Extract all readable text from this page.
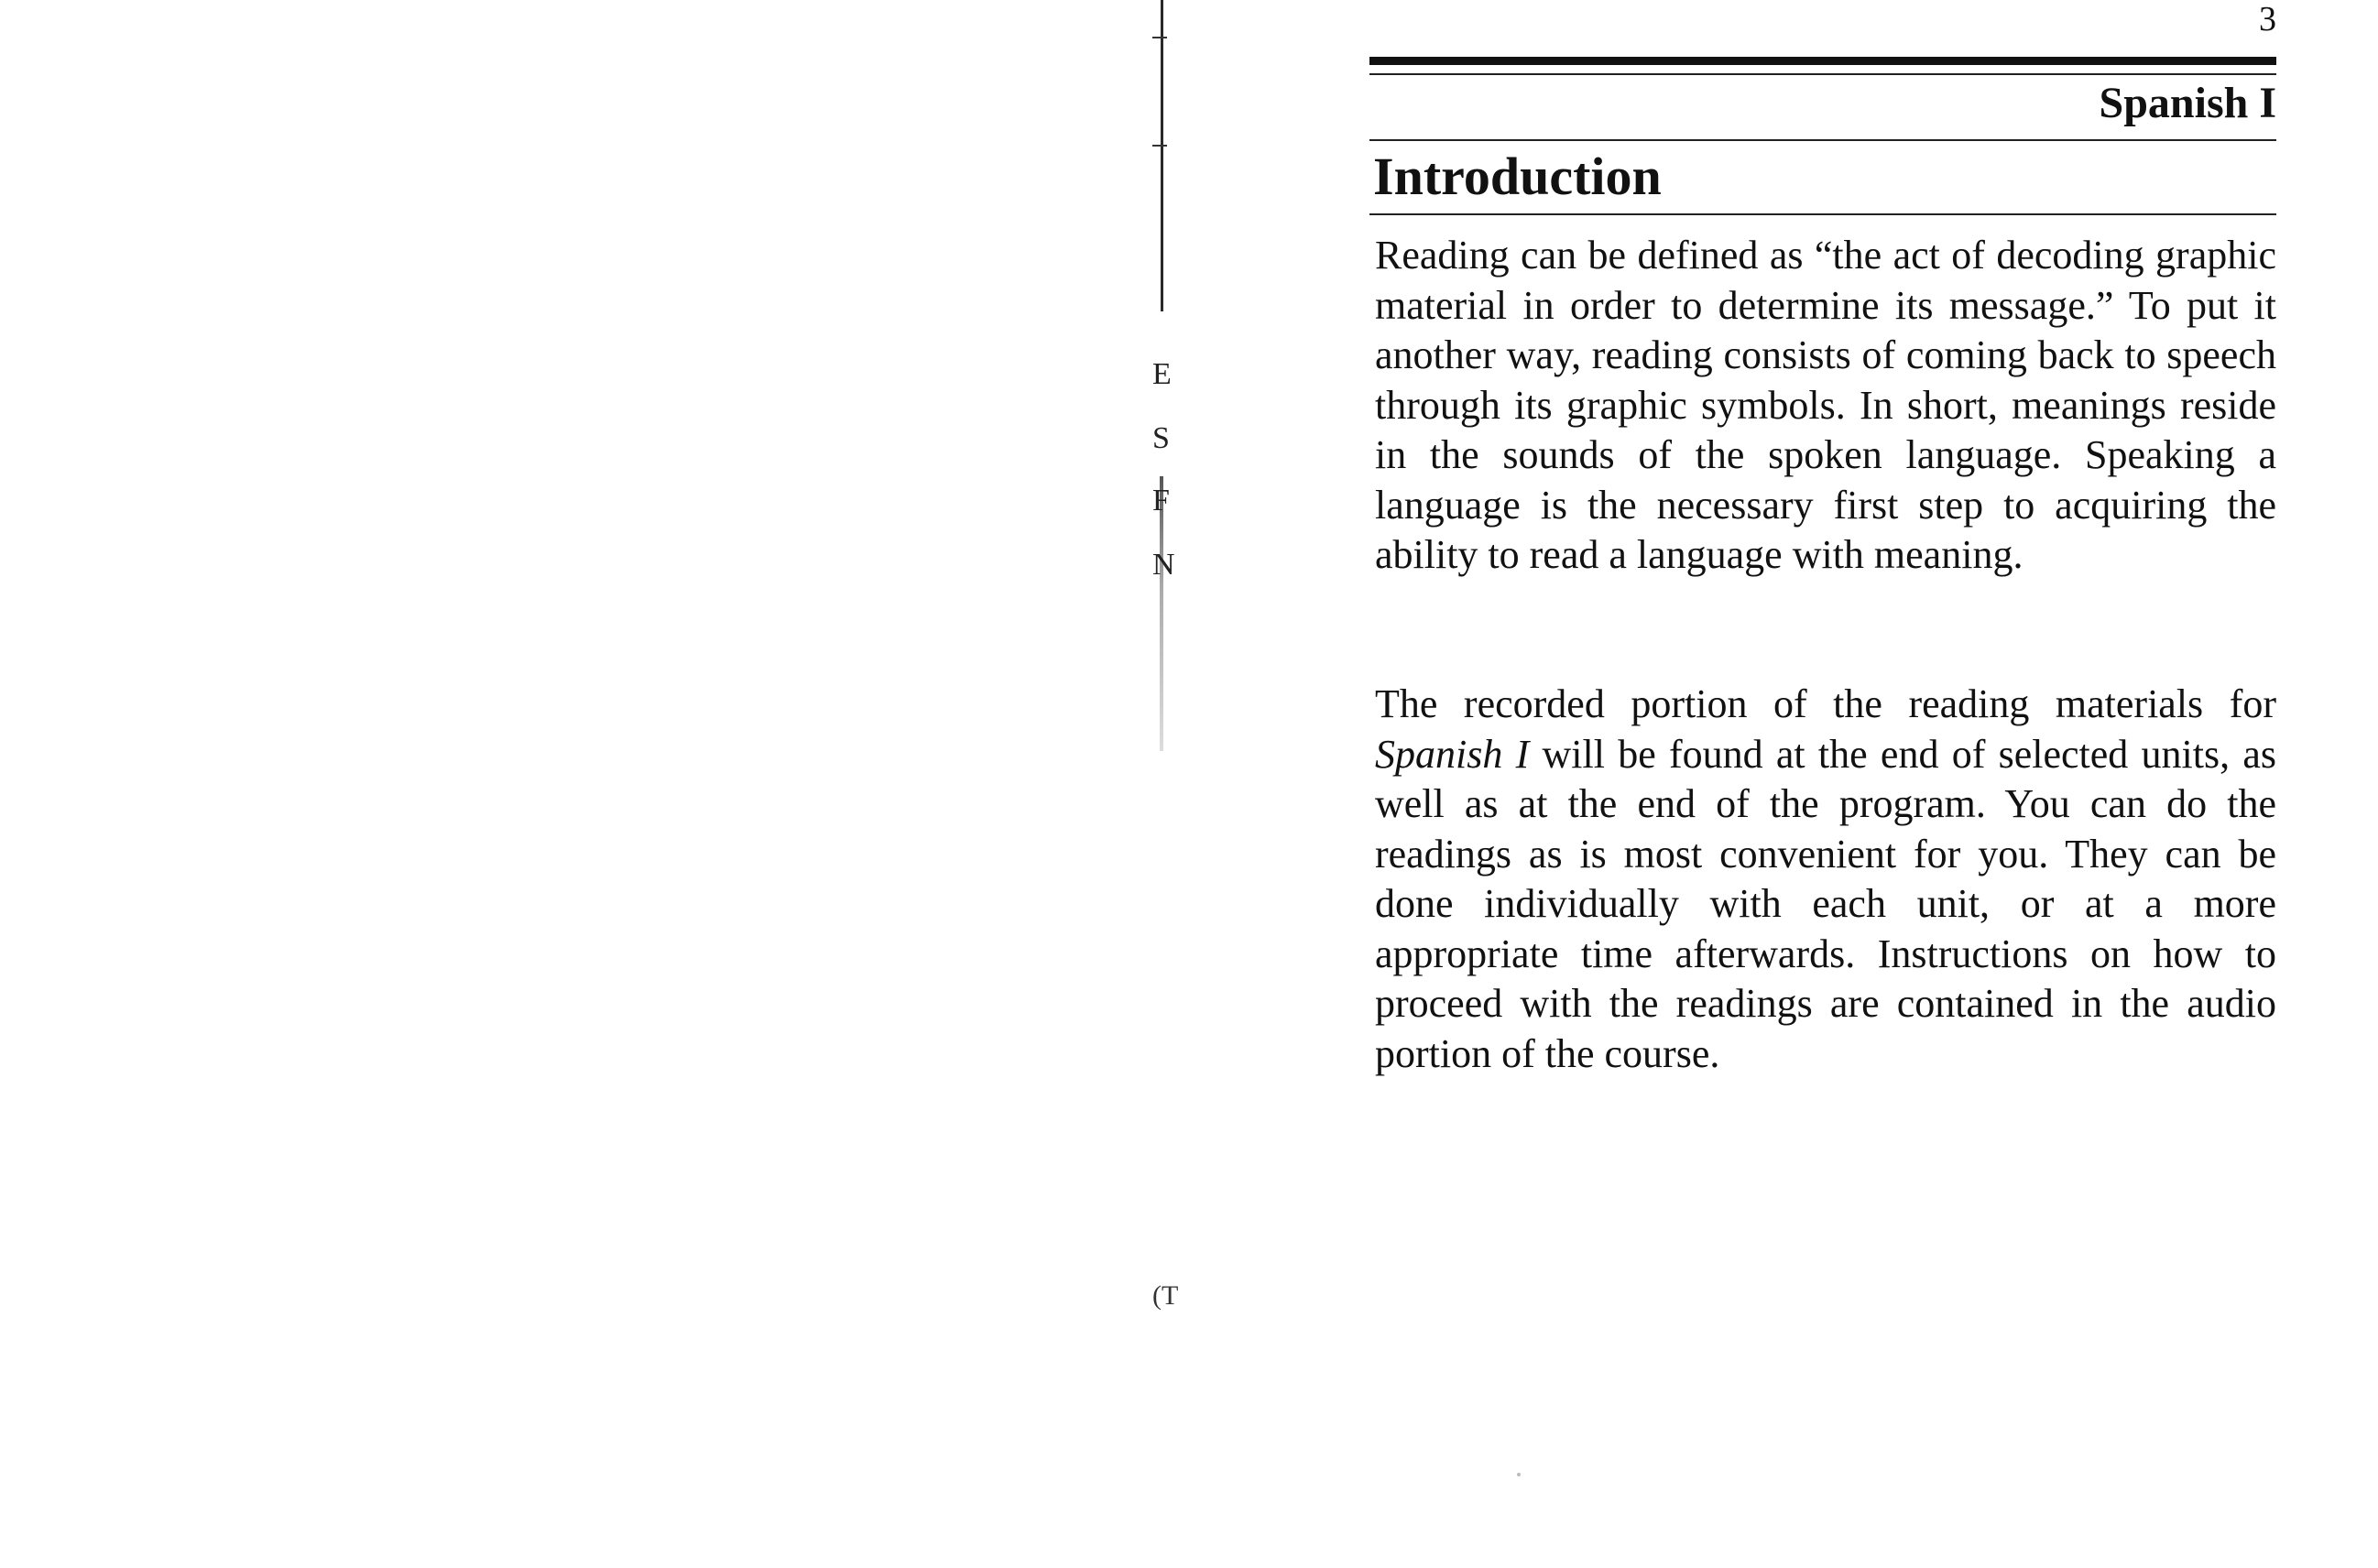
E
S
F
N
(T
3
Spanish I
Introduction

Reading can be defined as “the act of decoding graphic material in order to determine its message.” To put it another way, reading consists of coming back to speech through its graphic symbols. In short, meanings reside in the sounds of the spoken language. Speaking a language is the necessary first step to acquiring the ability to read a language with meaning.

The recorded portion of the reading materials for Spanish I will be found at the end of selected units, as well as at the end of the program. You can do the readings as is most convenient for you. They can be done individually with each unit, or at a more appropriate time afterwards. Instructions on how to proceed with the readings are contained in the audio portion of the course.
